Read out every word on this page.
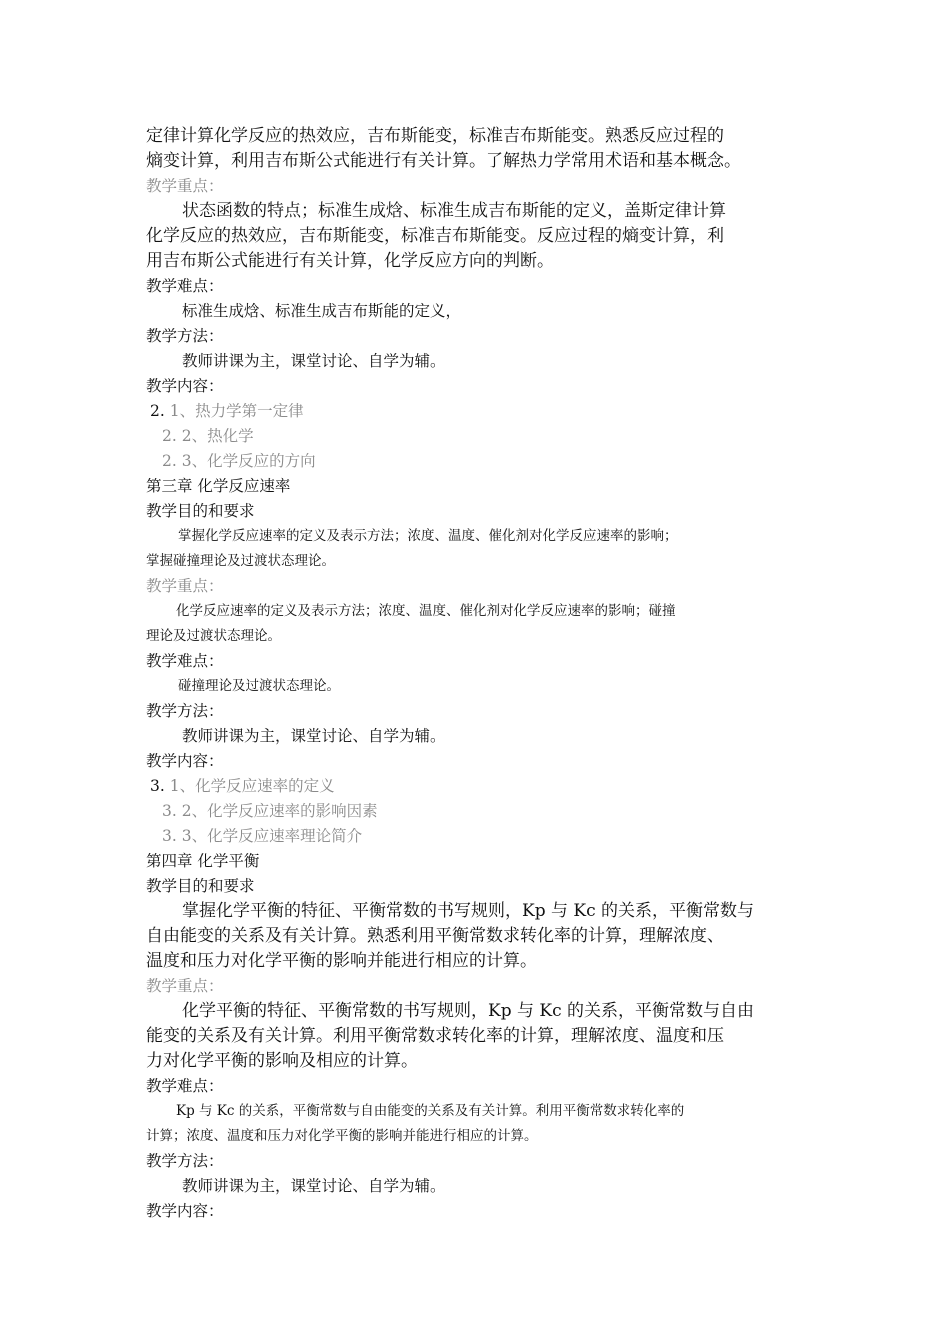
定律计算化学反应的热效应，吉布斯能变，标准吉布斯能变。熟悉反应过程的
熵变计算，利用吉布斯公式能进行有关计算。了解热力学常用术语和基本概念。
教学重点：
状态函数的特点；标准生成焓、标准生成吉布斯能的定义，盖斯定律计算
化学反应的热效应，吉布斯能变，标准吉布斯能变。反应过程的熵变计算，利
用吉布斯公式能进行有关计算，化学反应方向的判断。
教学难点：
标准生成焓、标准生成吉布斯能的定义，
教学方法：
教师讲课为主，课堂讨论、自学为辅。
教学内容：
2. 1、热力学第一定律
2. 2、热化学
2. 3、化学反应的方向
第三章 化学反应速率
教学目的和要求
掌握化学反应速率的定义及表示方法；浓度、温度、催化剂对化学反应速率的影响；
掌握碰撞理论及过渡状态理论。
教学重点：
化学反应速率的定义及表示方法；浓度、温度、催化剂对化学反应速率的影响；碰撞
理论及过渡状态理论。
教学难点：
碰撞理论及过渡状态理论。
教学方法：
教师讲课为主，课堂讨论、自学为辅。
教学内容：
3. 1、化学反应速率的定义
3. 2、化学反应速率的影响因素
3. 3、化学反应速率理论简介
第四章 化学平衡
教学目的和要求
掌握化学平衡的特征、平衡常数的书写规则，Kp 与 Kc 的关系，平衡常数与
自由能变的关系及有关计算。熟悉利用平衡常数求转化率的计算，理解浓度、
温度和压力对化学平衡的影响并能进行相应的计算。
教学重点：
化学平衡的特征、平衡常数的书写规则，Kp 与 Kc 的关系，平衡常数与自由
能变的关系及有关计算。利用平衡常数求转化率的计算，理解浓度、温度和压
力对化学平衡的影响及相应的计算。
教学难点：
Kp 与 Kc 的关系，平衡常数与自由能变的关系及有关计算。利用平衡常数求转化率的
计算；浓度、温度和压力对化学平衡的影响并能进行相应的计算。
教学方法：
教师讲课为主，课堂讨论、自学为辅。
教学内容：
